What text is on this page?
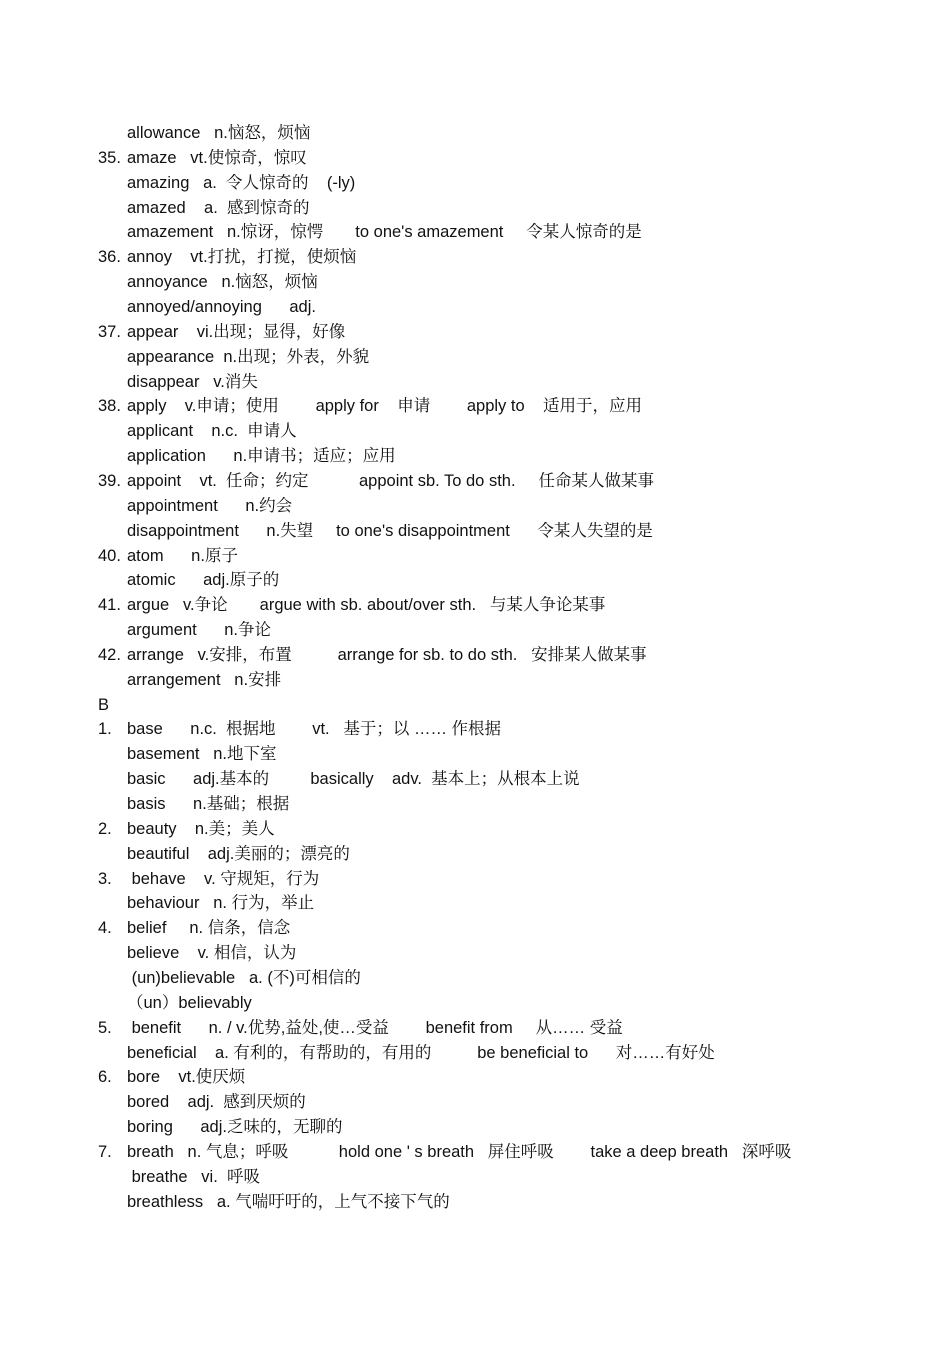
allowance   n.恼怒，烦恼
35. amaze   vt.使惊奇，惊叹
amazing   a.  令人惊奇的    (-ly)
amazed    a.  感到惊奇的
amazement   n.惊讶，惊愕       to one's amazement     令某人惊奇的是
36. annoy    vt.打扰，打搅，使烦恼
annoyance   n.恼怒，烦恼
annoyed/annoying      adj.
37. appear    vi.出现；显得，好像
appearance  n.出现；外表，外貌
disappear   v.消失
38. apply    v.申请；使用        apply for    申请        apply to    适用于，应用
applicant    n.c.  申请人
application      n.申请书；适应；应用
39. appoint    vt.  任命；约定           appoint sb. To do sth.     任命某人做某事
appointment      n.约会
disappointment      n.失望     to one's disappointment      令某人失望的是
40. atom      n.原子
atomic      adj.原子的
41. argue   v.争论       argue with sb. about/over sth.   与某人争论某事
argument      n.争论
42. arrange   v.安排，布置          arrange for sb. to do sth.   安排某人做某事
arrangement   n.安排
B
1. base      n.c.  根据地        vt.   基于；以 …… 作根据
basement   n.地下室
basic      adj.基本的         basically    adv.  基本上；从根本上说
basis      n.基础；根据
2. beauty    n.美；美人
beautiful    adj.美丽的；漂亮的
3. behave    v. 守规矩，行为
behaviour   n. 行为，举止
4. belief     n. 信条，信念
believe    v. 相信，认为
(un)believable   a. (不)可相信的
（un）believably
5. benefit      n. / v.优势,益处,使…受益        benefit from     从…… 受益
beneficial    a. 有利的，有帮助的，有用的          be beneficial to      对……有好处
6. bore    vt.使厌烦
bored    adj.  感到厌烦的
boring      adj.乏味的，无聊的
7. breath   n. 气息；呼吸           hold one ' s breath   屏住呼吸        take a deep breath   深呼吸
breathe   vi.  呼吸
breathless   a. 气喘吁吁的，上气不接下气的
